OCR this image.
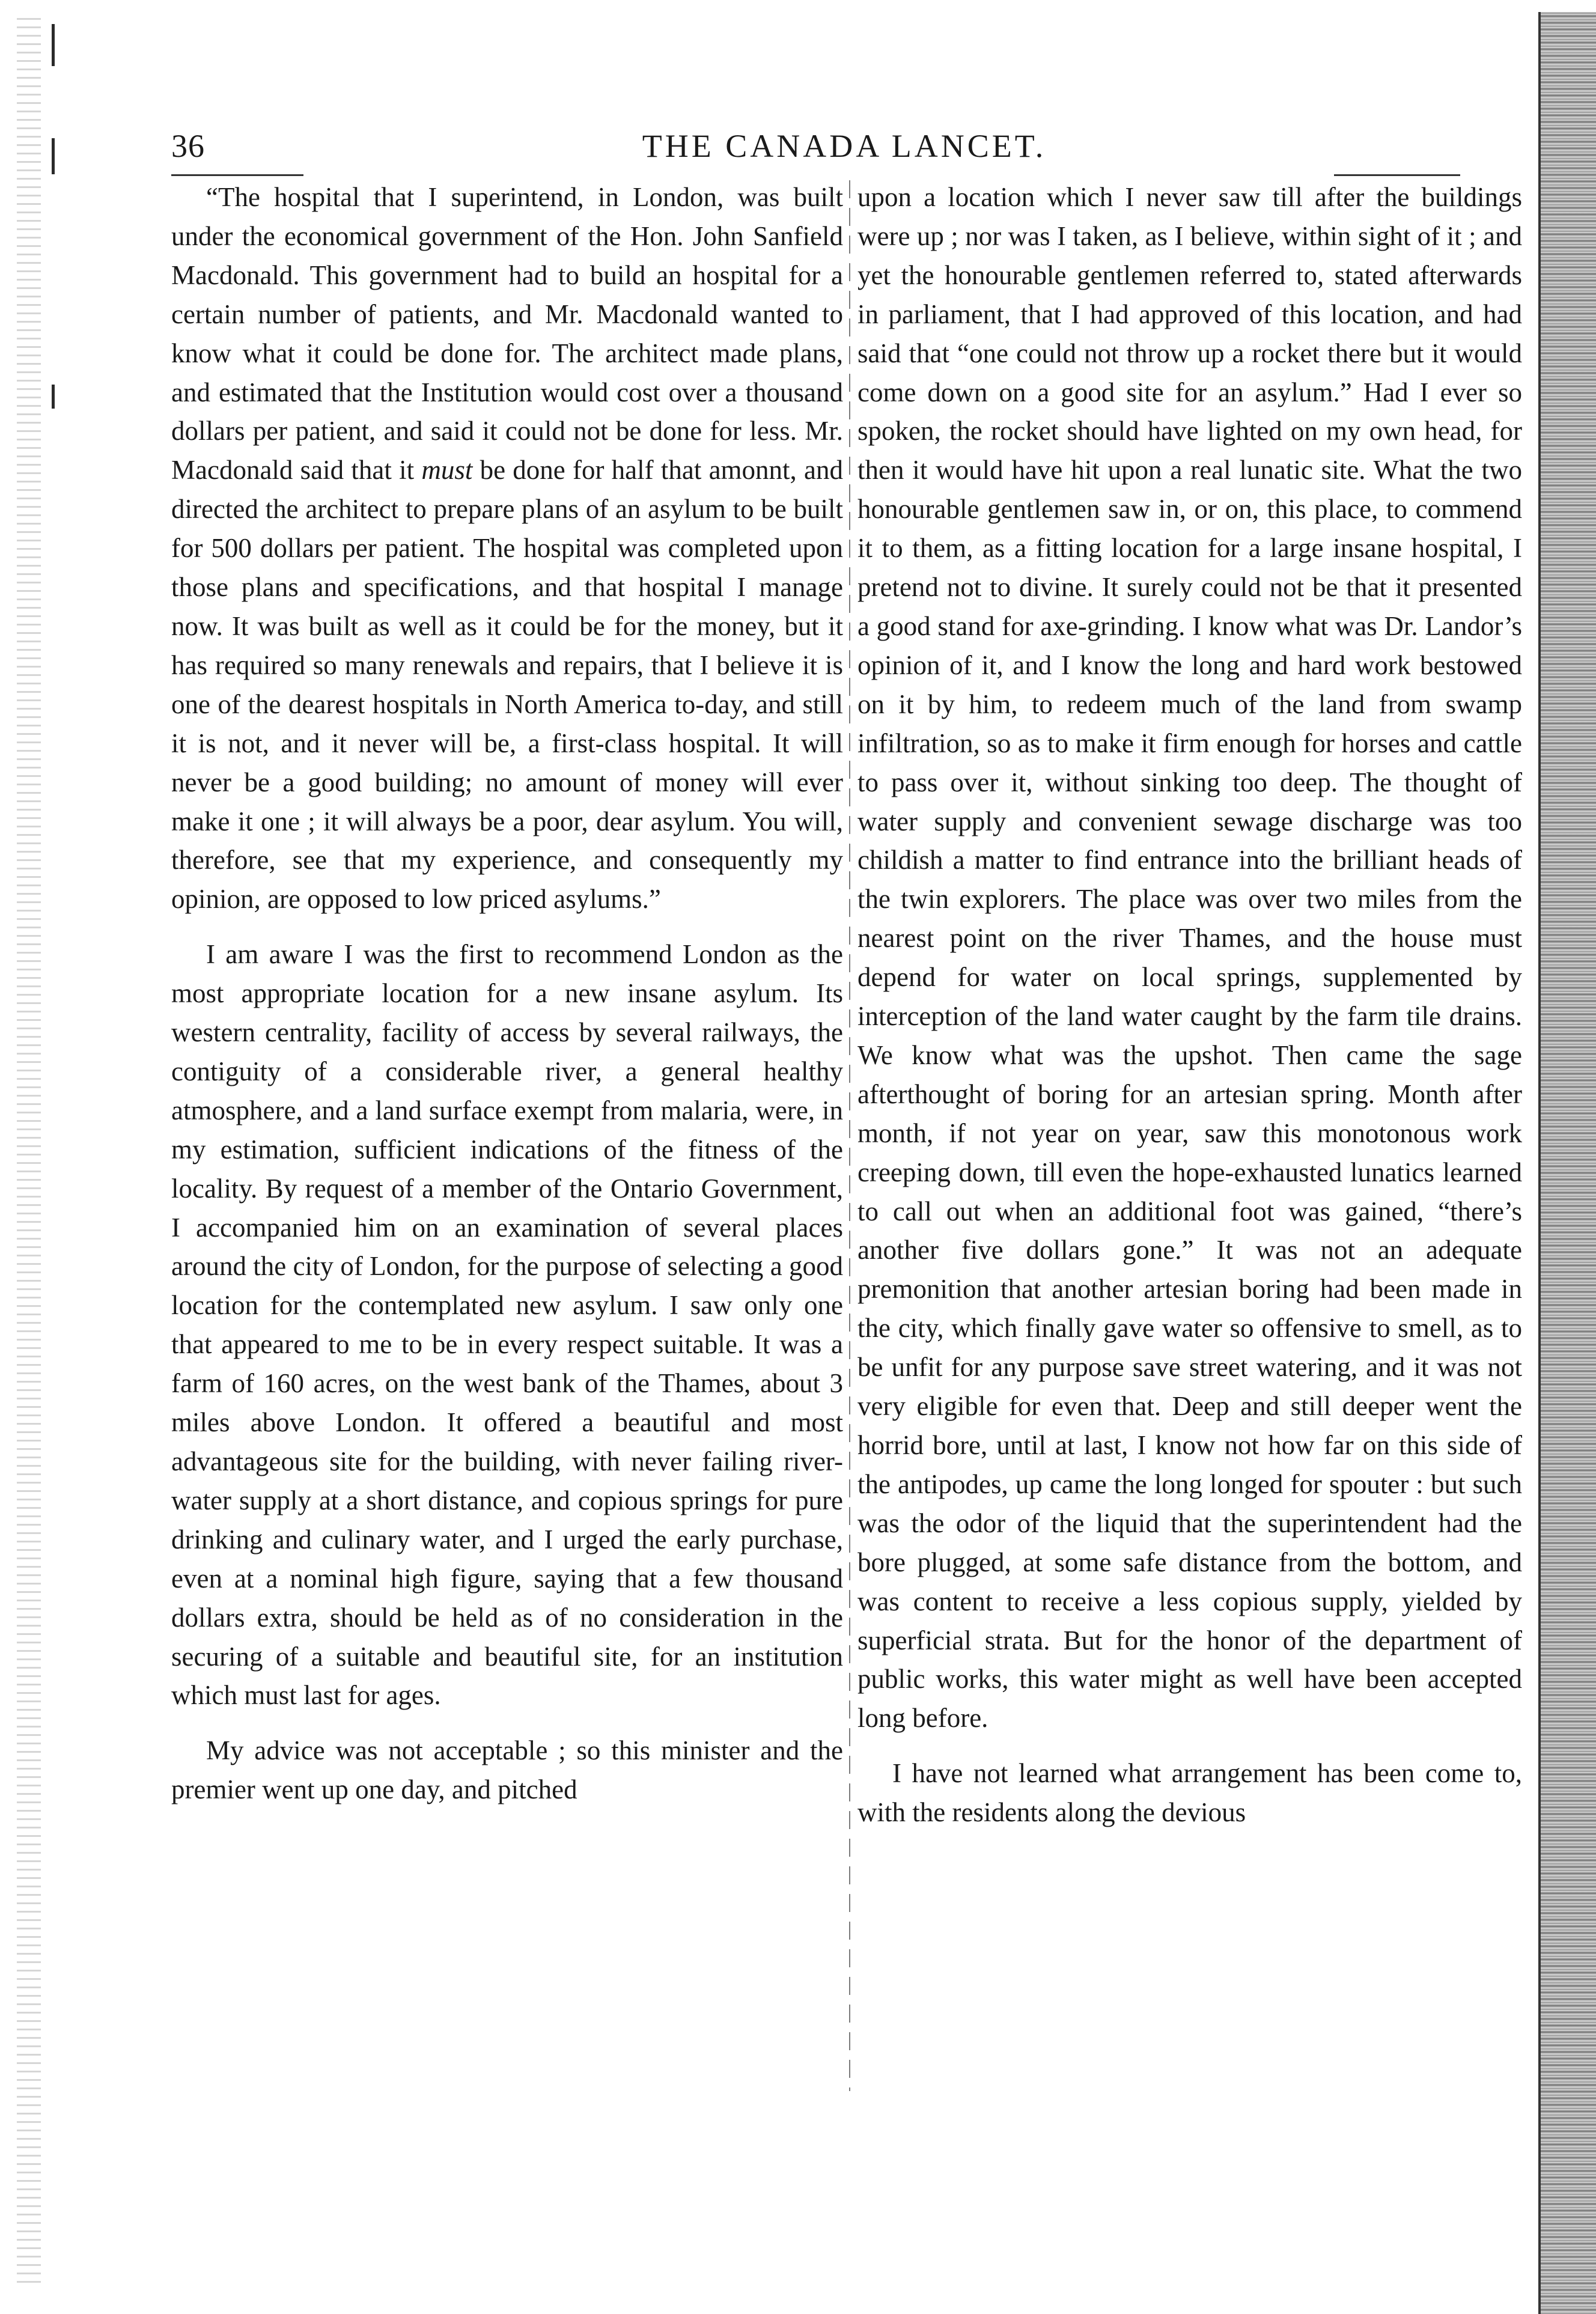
36	THE CANADA LANCET.

“The hospital that I superintend, in London, was built under the economical government of the Hon. John Sanfield Macdonald. This government had to build an hospital for a certain number of patients, and Mr. Macdonald wanted to know what it could be done for. The architect made plans, and estimated that the Institution would cost over a thousand dollars per patient, and said it could not be done for less. Mr. Macdonald said that it must be done for half that amonnt, and directed the architect to prepare plans of an asylum to be built for 500 dollars per patient. The hospital was completed upon those plans and specifications, and that hospital I manage now. It was built as well as it could be for the money, but it has required so many renewals and repairs, that I believe it is one of the dearest hospitals in North America to-day, and still it is not, and it never will be, a first-class hospital. It will never be a good building; no amount of money will ever make it one ; it will always be a poor, dear asylum. You will, therefore, see that my experience, and consequently my opinion, are opposed to low priced asylums.”

I am aware I was the first to recommend London as the most appropriate location for a new insane asylum. Its western centrality, facility of access by several railways, the contiguity of a considerable river, a general healthy atmosphere, and a land surface exempt from malaria, were, in my estimation, sufficient indications of the fitness of the locality. By request of a member of the Ontario Government, I accompanied him on an examination of several places around the city of London, for the purpose of selecting a good location for the contemplated new asylum. I saw only one that appeared to me to be in every respect suitable. It was a farm of 160 acres, on the west bank of the Thames, about 3 miles above London. It offered a beautiful and most advantageous site for the building, with never failing river-water supply at a short distance, and copious springs for pure drinking and culinary water, and I urged the early purchase, even at a nominal high figure, saying that a few thousand dollars extra, should be held as of no consideration in the securing of a suitable and beautiful site, for an institution which must last for ages.

My advice was not acceptable ; so this minister and the premier went up one day, and pitched

upon a location which I never saw till after the buildings were up ; nor was I taken, as I believe, within sight of it ; and yet the honourable gentlemen referred to, stated afterwards in parliament, that I had approved of this location, and had said that “one could not throw up a rocket there but it would come down on a good site for an asylum.” Had I ever so spoken, the rocket should have lighted on my own head, for then it would have hit upon a real lunatic site. What the two honourable gentlemen saw in, or on, this place, to commend it to them, as a fitting location for a large insane hospital, I pretend not to divine. It surely could not be that it presented a good stand for axe-grinding. I know what was Dr. Landor’s opinion of it, and I know the long and hard work bestowed on it by him, to redeem much of the land from swamp infiltration, so as to make it firm enough for horses and cattle to pass over it, without sinking too deep. The thought of water supply and convenient sewage discharge was too childish a matter to find entrance into the brilliant heads of the twin explorers. The place was over two miles from the nearest point on the river Thames, and the house must depend for water on local springs, supplemented by interception of the land water caught by the farm tile drains. We know what was the upshot. Then came the sage afterthought of boring for an artesian spring. Month after month, if not year on year, saw this monotonous work creeping down, till even the hope-exhausted lunatics learned to call out when an additional foot was gained, “there’s another five dollars gone.” It was not an adequate premonition that another artesian boring had been made in the city, which finally gave water so offensive to smell, as to be unfit for any purpose save street watering, and it was not very eligible for even that. Deep and still deeper went the horrid bore, until at last, I know not how far on this side of the antipodes, up came the long longed for spouter : but such was the odor of the liquid that the superintendent had the bore plugged, at some safe distance from the bottom, and was content to receive a less copious supply, yielded by superficial strata. But for the honor of the department of public works, this water might as well have been accepted long before.

I have not learned what arrangement has been come to, with the residents along the devious
